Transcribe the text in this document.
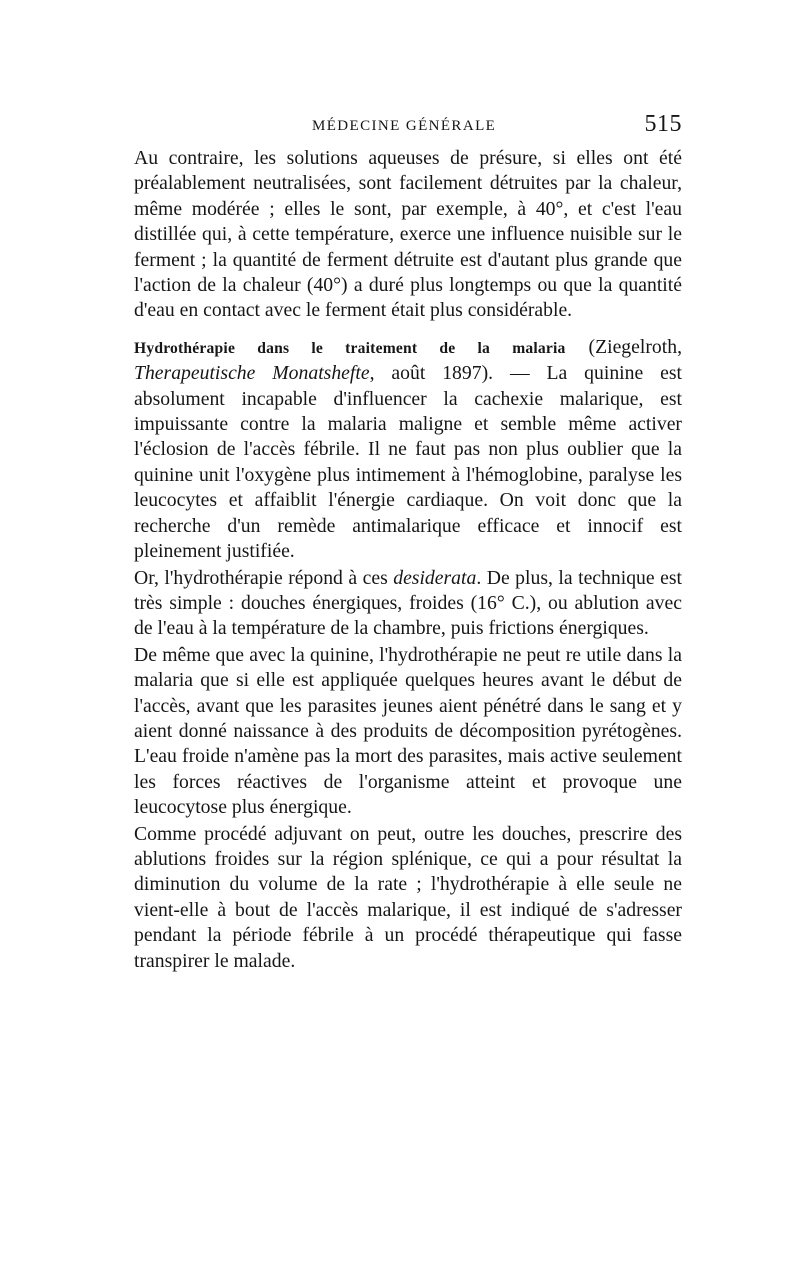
MÉDECINE GÉNÉRALE	515

Au contraire, les solutions aqueuses de présure, si elles ont été préalablement neutralisées, sont facilement détruites par la chaleur, même modérée ; elles le sont, par exemple, à 40°, et c'est l'eau distillée qui, à cette température, exerce une influence nuisible sur le ferment ; la quantité de ferment détruite est d'autant plus grande que l'action de la chaleur (40°) a duré plus longtemps ou que la quantité d'eau en contact avec le ferment était plus considérable.

Hydrothérapie dans le traitement de la malaria (Ziegelroth, Therapeutische Monatshefte, août 1897). — La quinine est absolument incapable d'influencer la cachexie malarique, est impuissante contre la malaria maligne et semble même activer l'éclosion de l'accès fébrile. Il ne faut pas non plus oublier que la quinine unit l'oxygène plus intimement à l'hémoglobine, paralyse les leucocytes et affaiblit l'énergie cardiaque. On voit donc que la recherche d'un remède antimalarique efficace et innocif est pleinement justifiée.

Or, l'hydrothérapie répond à ces desiderata. De plus, la technique est très simple : douches énergiques, froides (16° C.), ou ablution avec de l'eau à la température de la chambre, puis frictions énergiques.

De même que avec la quinine, l'hydrothérapie ne peut re utile dans la malaria que si elle est appliquée quelques heures avant le début de l'accès, avant que les parasites jeunes aient pénétré dans le sang et y aient donné naissance à des produits de décomposition pyrétogènes. L'eau froide n'amène pas la mort des parasites, mais active seulement les forces réactives de l'organisme atteint et provoque une leucocytose plus énergique.

Comme procédé adjuvant on peut, outre les douches, prescrire des ablutions froides sur la région splénique, ce qui a pour résultat la diminution du volume de la rate ; l'hydrothérapie à elle seule ne vient-elle à bout de l'accès malarique, il est indiqué de s'adresser pendant la période fébrile à un procédé thérapeutique qui fasse transpirer le malade.
